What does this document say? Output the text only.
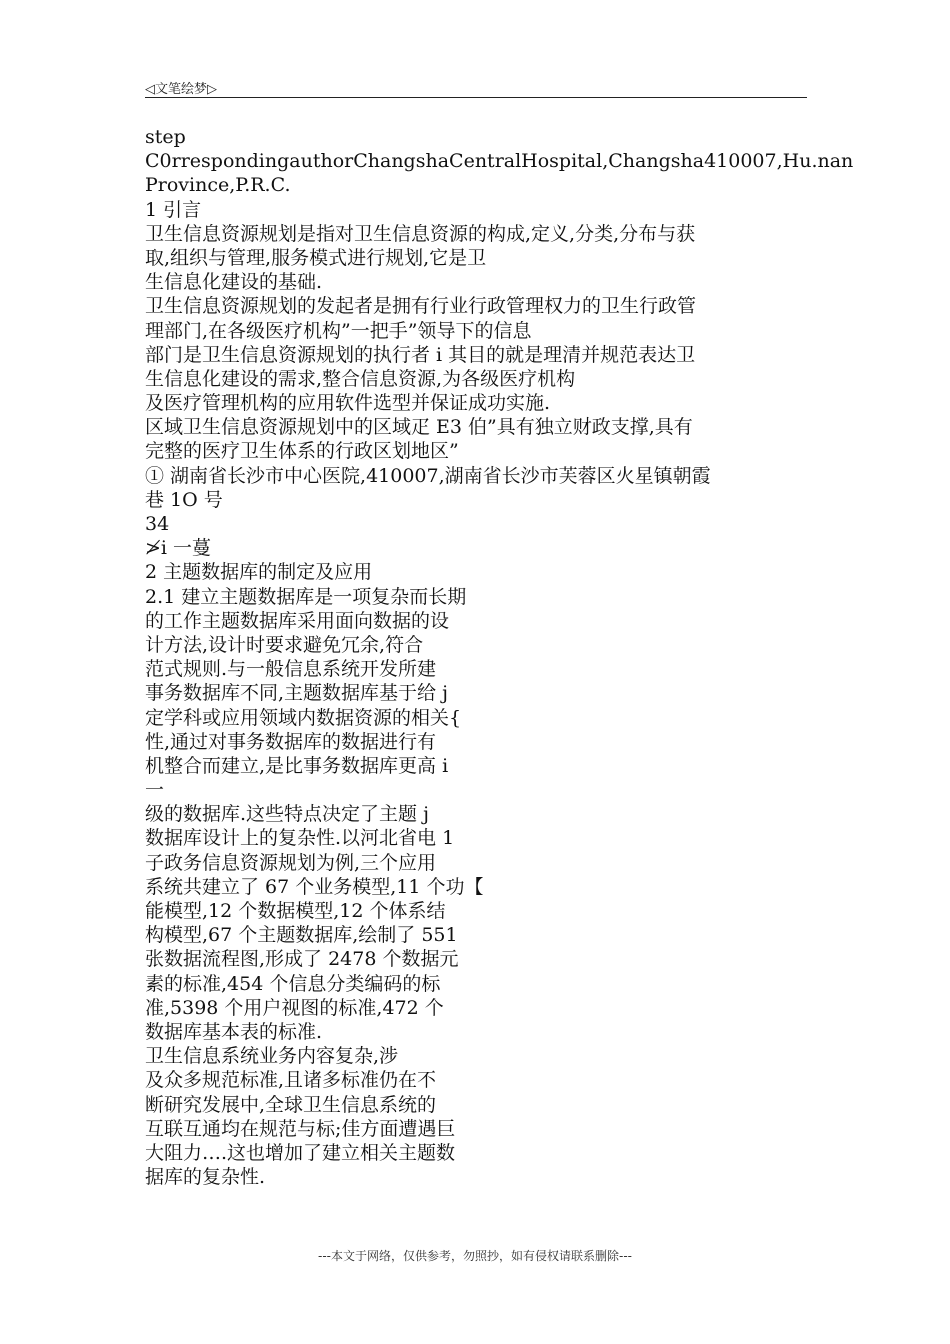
◁文笔绘梦▷
step
C0rrespondingauthorChangshaCentralHospital,Changsha410007,Hu.nan
Province,P.R.C.
1 引言
卫生信息资源规划是指对卫生信息资源的构成,定义,分类,分布与获
取,组织与管理,服务模式进行规划,它是卫
生信息化建设的基础.
卫生信息资源规划的发起者是拥有行业行政管理权力的卫生行政管
理部门,在各级医疗机构”一把手”领导下的信息
部门是卫生信息资源规划的执行者 i 其目的就是理清并规范表达卫
生信息化建设的需求,整合信息资源,为各级医疗机构
及医疗管理机构的应用软件选型并保证成功实施.
区域卫生信息资源规划中的区域疋 E3 伯”具有独立财政支撑,具有
完整的医疗卫生体系的行政区划地区”
① 湖南省长沙市中心医院,410007,湖南省长沙市芙蓉区火星镇朝霞
巷 1O 号
34
≯i 一蔓
2 主题数据库的制定及应用
2.1 建立主题数据库是一项复杂而长期
的工作主题数据库采用面向数据的设
计方法,设计时要求避免冗余,符合
范式规则.与一般信息系统开发所建
事务数据库不同,主题数据库基于给 j
定学科或应用领域内数据资源的相关{
性,通过对事务数据库的数据进行有
机整合而建立,是比事务数据库更高 i
一
级的数据库.这些特点决定了主题 j
数据库设计上的复杂性.以河北省电 1
子政务信息资源规划为例,三个应用
系统共建立了 67 个业务模型,11 个功【
能模型,12 个数据模型,12 个体系结
构模型,67 个主题数据库,绘制了 551
张数据流程图,形成了 2478 个数据元
素的标准,454 个信息分类编码的标
准,5398 个用户视图的标准,472 个
数据库基本表的标准.
卫生信息系统业务内容复杂,涉
及众多规范标准,且诸多标准仍在不
断研究发展中,全球卫生信息系统的
互联互通均在规范与标;佳方面遭遇巨
大阻力….这也增加了建立相关主题数
据库的复杂性.
---本文于网络，仅供参考，勿照抄，如有侵权请联系删除---
